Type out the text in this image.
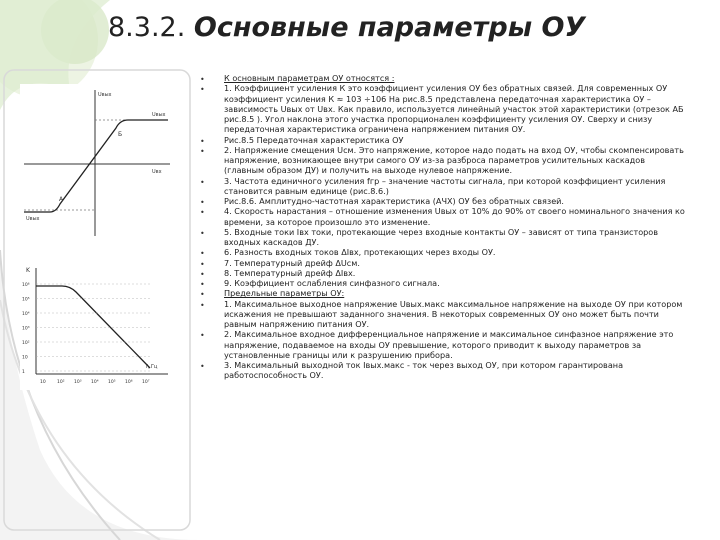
8.3.2. Основные параметры ОУ
Uвых
Uвых
А
Б
Uвых
Uвх
K
f, Гц
10⁶
10⁵
10⁴
10³
10²
10
1
10	10² 10³ 10⁴ 10⁵ 10⁶ 10⁷
•
•
•
•
•
•
•
•
•
•
•
•
•
•
•
•

К основным параметрам ОУ относятся :

1. Коэффициент усиления К это коэффициент усиления ОУ без обратных связей. Для современных ОУ коэффициент усиления К ≈ 103 ÷106 На рис.8.5 представлена передаточная характеристика ОУ – зависимость Uвых от Uвх. Как правило, используется линейный участок этой характеристики (отрезок АБ рис.8.5 ). Угол наклона этого участка пропорционален коэффициенту усиления ОУ. Сверху и снизу передаточная характеристика ограничена напряжением питания ОУ.

Рис.8.5 Передаточная характеристика ОУ

2. Напряжение смещения Uсм. Это напряжение, которое надо подать на вход ОУ, чтобы скомпенсировать напряжение, возникающее внутри самого ОУ из-за разброса параметров усилительных каскадов (главным образом ДУ) и получить на выходе нулевое напряжение.

3. Частота единичного усиления fгр – значение частоты сигнала, при которой коэффициент усиления становится равным единице (рис.8.6.)

Рис.8.6. Амплитудно-частотная характеристика (АЧХ) ОУ без обратных связей.

4. Скорость нарастания – отношение изменения Uвых от 10% до 90% от своего номинального значения ко времени, за которое произошло это изменение.

5. Входные токи Iвх токи, протекающие через входные контакты ОУ – зависят от типа транзисторов входных каскадов ДУ.

6. Разность входных токов ΔIвх, протекающих через входы ОУ.

7. Температурный дрейф ΔUсм.

8. Температурный дрейф ΔIвх.

9. Коэффициент ослабления синфазного сигнала.

Предельные параметры ОУ:

1. Максимальное выходное напряжение Uвых.макс максимальное напряжение на выходе ОУ при котором искажения не превышают заданного значения. В некоторых современных ОУ оно может быть почти равным напряжению питания ОУ.

2. Максимальное входное дифференциальное напряжение и максимальное синфазное напряжение это напряжение, подаваемое на входы ОУ превышение, которого приводит к выходу параметров за установленные границы или к разрушению прибора.

3. Максимальный выходной ток Iвых.макс - ток через выход ОУ, при котором гарантирована работоспособность ОУ.
